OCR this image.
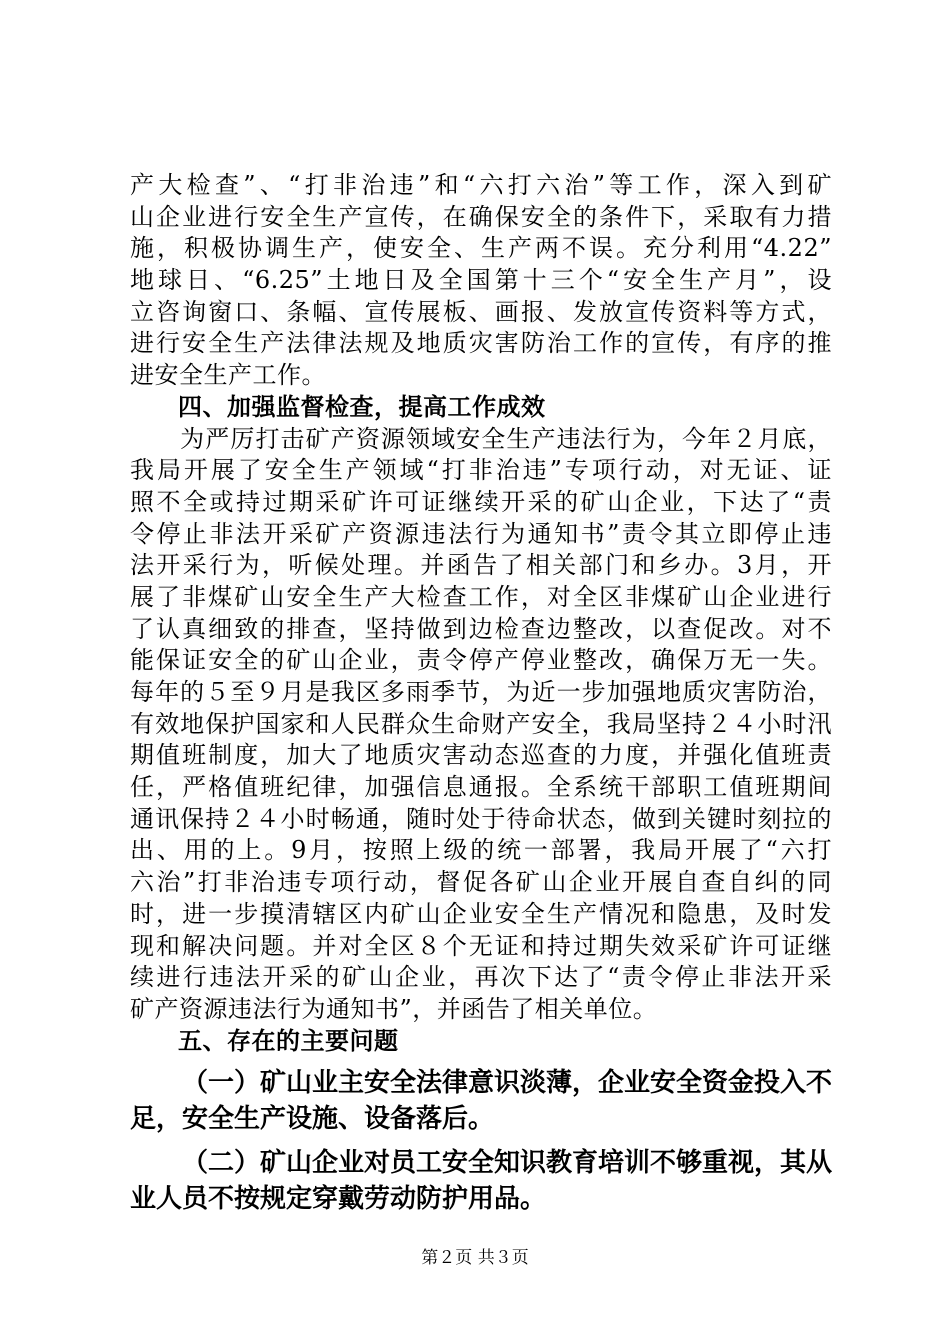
产大检查”、“打非治违”和“六打六治”等工作，深入到矿
山企业进行安全生产宣传，在确保安全的条件下，采取有力措
施，积极协调生产，使安全、生产两不误。充分利用“4.22”
地球日、“6.25”土地日及全国第十三个“安全生产月”，设
立咨询窗口、条幅、宣传展板、画报、发放宣传资料等方式，
进行安全生产法律法规及地质灾害防治工作的宣传，有序的推
进安全生产工作。
四、加强监督检查，提高工作成效
　　为严厉打击矿产资源领域安全生产违法行为，今年２月底，
我局开展了安全生产领域“打非治违”专项行动，对无证、证
照不全或持过期采矿许可证继续开采的矿山企业，下达了“责
令停止非法开采矿产资源违法行为通知书”责令其立即停止违
法开采行为，听候处理。并函告了相关部门和乡办。3月，开
展了非煤矿山安全生产大检查工作，对全区非煤矿山企业进行
了认真细致的排查，坚持做到边检查边整改，以查促改。对不
能保证安全的矿山企业，责令停产停业整改，确保万无一失。
每年的５至９月是我区多雨季节，为近一步加强地质灾害防治，
有效地保护国家和人民群众生命财产安全，我局坚持２４小时汛
期值班制度，加大了地质灾害动态巡查的力度，并强化值班责
任，严格值班纪律，加强信息通报。全系统干部职工值班期间
通讯保持２４小时畅通，随时处于待命状态，做到关键时刻拉的
出、用的上。9月，按照上级的统一部署，我局开展了“六打
六治”打非治违专项行动，督促各矿山企业开展自查自纠的同
时，进一步摸清辖区内矿山企业安全生产情况和隐患，及时发
现和解决问题。并对全区８个无证和持过期失效采矿许可证继
续进行违法开采的矿山企业，再次下达了“责令停止非法开采
矿产资源违法行为通知书”，并函告了相关单位。
五、存在的主要问题
（一）矿山业主安全法律意识淡薄，企业安全资金投入不
足，安全生产设施、设备落后。
（二）矿山企业对员工安全知识教育培训不够重视，其从
业人员不按规定穿戴劳动防护用品。
第２页 共３页
